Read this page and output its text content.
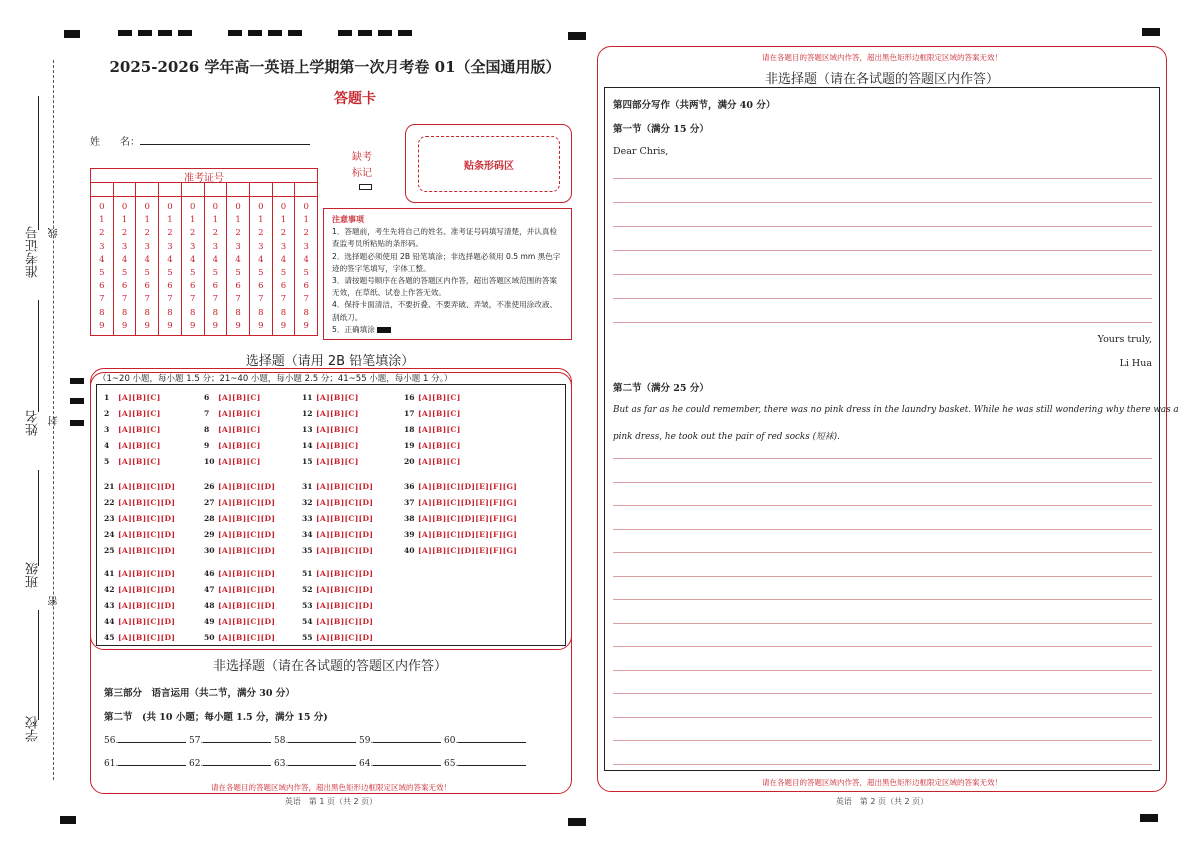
准考证号 线
姓名 封
班级
密
学校
2025-2026 学年高一英语上学期第一次月考卷 01（全国通用版）
答题卡
姓　　名：
准考证号
0
1
2
3
4
5
6
7
8
9
0
1
2
3
4
5
6
7
8
9
0
1
2
3
4
5
6
7
8
9
0
1
2
3
4
5
6
7
8
9
0
1
2
3
4
5
6
7
8
9
0
1
2
3
4
5
6
7
8
9
0
1
2
3
4
5
6
7
8
9
0
1
2
3
4
5
6
7
8
9
0
1
2
3
4
5
6
7
8
9
0
1
2
3
4
5
6
7
8
9
缺考
标记
贴条形码区
注意事项
1．答题前，考生先将自己的姓名、准考证号码填写清楚，并认真检查监考员所粘贴的条形码。
2．选择题必须使用 2B 铅笔填涂；非选择题必须用 0.5 mm 黑色字迹的签字笔填写，字体工整。
3．请按题号顺序在各题的答题区内作答，超出答题区域范围的答案无效，在草纸、试卷上作答无效。
4．保持卡面清洁，不要折叠、不要弄破、弄皱，不准使用涂改液、刮纸刀。
5．正确填涂
选择题（请用 2B 铅笔填涂）
（1~20 小题，每小题 1.5 分；21~40 小题，每小题 2.5 分；41~55 小题，每小题 1 分。）
1 [A][B][C]
2 [A][B][C]
3 [A][B][C]
4 [A][B][C]
5 [A][B][C]
6 [A][B][C]
7 [A][B][C]
8 [A][B][C]
9 [A][B][C]
10 [A][B][C]
11 [A][B][C]
12 [A][B][C]
13 [A][B][C]
14 [A][B][C]
15 [A][B][C]
16 [A][B][C]
17 [A][B][C]
18 [A][B][C]
19 [A][B][C]
20 [A][B][C]
21 [A][B][C][D]
22 [A][B][C][D]
23 [A][B][C][D]
24 [A][B][C][D]
25 [A][B][C][D]
26 [A][B][C][D]
27 [A][B][C][D]
28 [A][B][C][D]
29 [A][B][C][D]
30 [A][B][C][D]
31 [A][B][C][D]
32 [A][B][C][D]
33 [A][B][C][D]
34 [A][B][C][D]
35 [A][B][C][D]
36 [A][B][C][D][E][F][G]
37 [A][B][C][D][E][F][G]
38 [A][B][C][D][E][F][G]
39 [A][B][C][D][E][F][G]
40 [A][B][C][D][E][F][G]
41 [A][B][C][D]
42 [A][B][C][D]
43 [A][B][C][D]
44 [A][B][C][D]
45 [A][B][C][D]
46 [A][B][C][D]
47 [A][B][C][D]
48 [A][B][C][D]
49 [A][B][C][D]
50 [A][B][C][D]
51 [A][B][C][D]
52 [A][B][C][D]
53 [A][B][C][D]
54 [A][B][C][D]
55 [A][B][C][D]
非选择题（请在各试题的答题区内作答）
第三部分　语言运用（共二节，满分 30 分）
第二节　(共 10 小题；每小题 1.5 分，满分 15 分)
56.	57.	58.	59.	60.
61.	62.	63.	64.	65.
请在各题目的答题区域内作答，超出黑色矩形边框限定区域的答案无效！
英语　第 1 页（共 2 页）
请在各题目的答题区域内作答，超出黑色矩形边框限定区域的答案无效！
非选择题（请在各试题的答题区内作答）
第四部分写作（共两节，满分 40 分）
第一节（满分 15 分）
Dear Chris,
Yours truly,
Li Hua
第二节（满分 25 分）
But as far as he could remember, there was no pink dress in the laundry basket. While he was still wondering why there was a
pink dress, he took out the pair of red socks (短袜).
请在各题目的答题区域内作答，超出黑色矩形边框限定区域的答案无效！
英语　第 2 页（共 2 页）
